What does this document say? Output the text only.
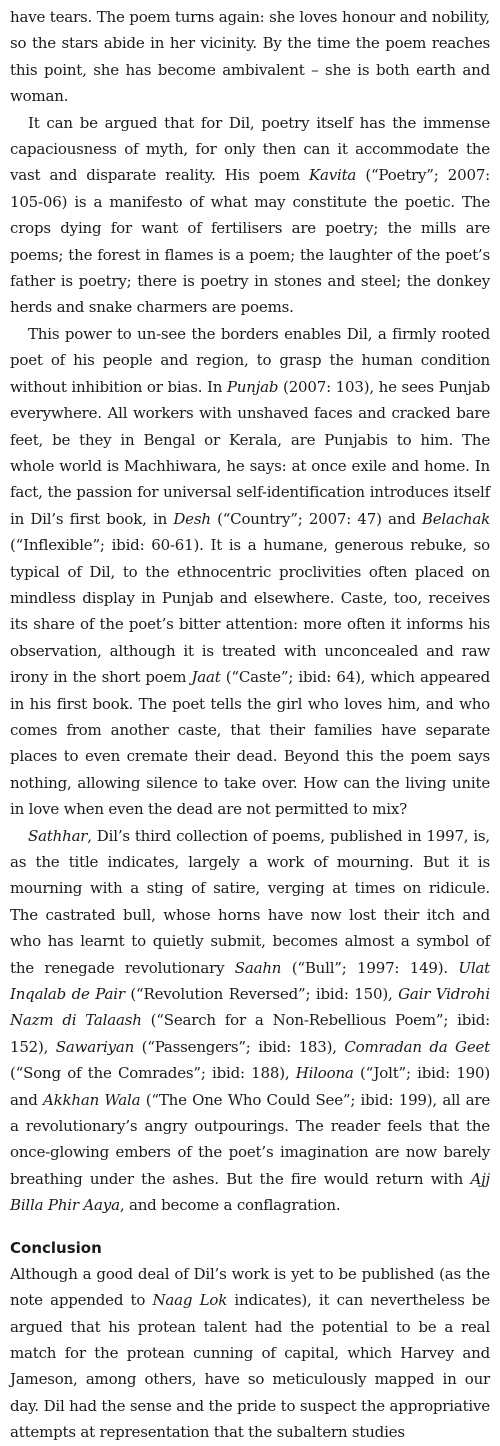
have tears. The poem turns again: she loves honour and nobility, so the stars abide in her vicinity. By the time the poem reaches this point, she has become ambivalent – she is both earth and woman.

It can be argued that for Dil, poetry itself has the immense capaciousness of myth, for only then can it accommodate the vast and disparate reality. His poem Kavita (“Poetry”; 2007: 105-06) is a manifesto of what may constitute the poetic. The crops dying for want of fertilisers are poetry; the mills are poems; the forest in flames is a poem; the laughter of the poet’s father is poetry; there is poetry in stones and steel; the donkey herds and snake charmers are poems.

This power to un-see the borders enables Dil, a firmly rooted poet of his people and region, to grasp the human condition without inhibition or bias. In Punjab (2007: 103), he sees Punjab everywhere. All workers with unshaved faces and cracked bare feet, be they in Bengal or Kerala, are Punjabis to him. The whole world is Machhiwara, he says: at once exile and home. In fact, the passion for universal self-identification introduces itself in Dil’s first book, in Desh (“Country”; 2007: 47) and Belachak (“Inflexible”; ibid: 60-61). It is a humane, generous rebuke, so typical of Dil, to the ethnocentric proclivities often placed on mindless display in Punjab and elsewhere. Caste, too, receives its share of the poet’s bitter attention: more often it informs his observation, although it is treated with unconcealed and raw irony in the short poem Jaat (“Caste”; ibid: 64), which appeared in his first book. The poet tells the girl who loves him, and who comes from another caste, that their families have separate places to even cremate their dead. Beyond this the poem says nothing, allowing silence to take over. How can the living unite in love when even the dead are not permitted to mix?

Sathhar, Dil’s third collection of poems, published in 1997, is, as the title indicates, largely a work of mourning. But it is mourning with a sting of satire, verging at times on ridicule. The castrated bull, whose horns have now lost their itch and who has learnt to quietly submit, becomes almost a symbol of the renegade revolutionary Saahn (“Bull”; 1997: 149). Ulat Inqalab de Pair (“Revolution Reversed”; ibid: 150), Gair Vidrohi Nazm di Talaash (“Search for a Non-Rebellious Poem”; ibid: 152), Sawariyan (“Passengers”; ibid: 183), Comradan da Geet (“Song of the Comrades”; ibid: 188), Hiloona (“Jolt”; ibid: 190) and Akkhan Wala (“The One Who Could See”; ibid: 199), all are a revolutionary’s angry outpourings. The reader feels that the once-glowing embers of the poet’s imagination are now barely breathing under the ashes. But the fire would return with Ajj Billa Phir Aaya, and become a conflagration.

Conclusion

Although a good deal of Dil’s work is yet to be published (as the note appended to Naag Lok indicates), it can nevertheless be argued that his protean talent had the potential to be a real match for the protean cunning of capital, which Harvey and Jameson, among others, have so meticulously mapped in our day. Dil had the sense and the pride to suspect the appropriative attempts at representation that the subaltern studies
